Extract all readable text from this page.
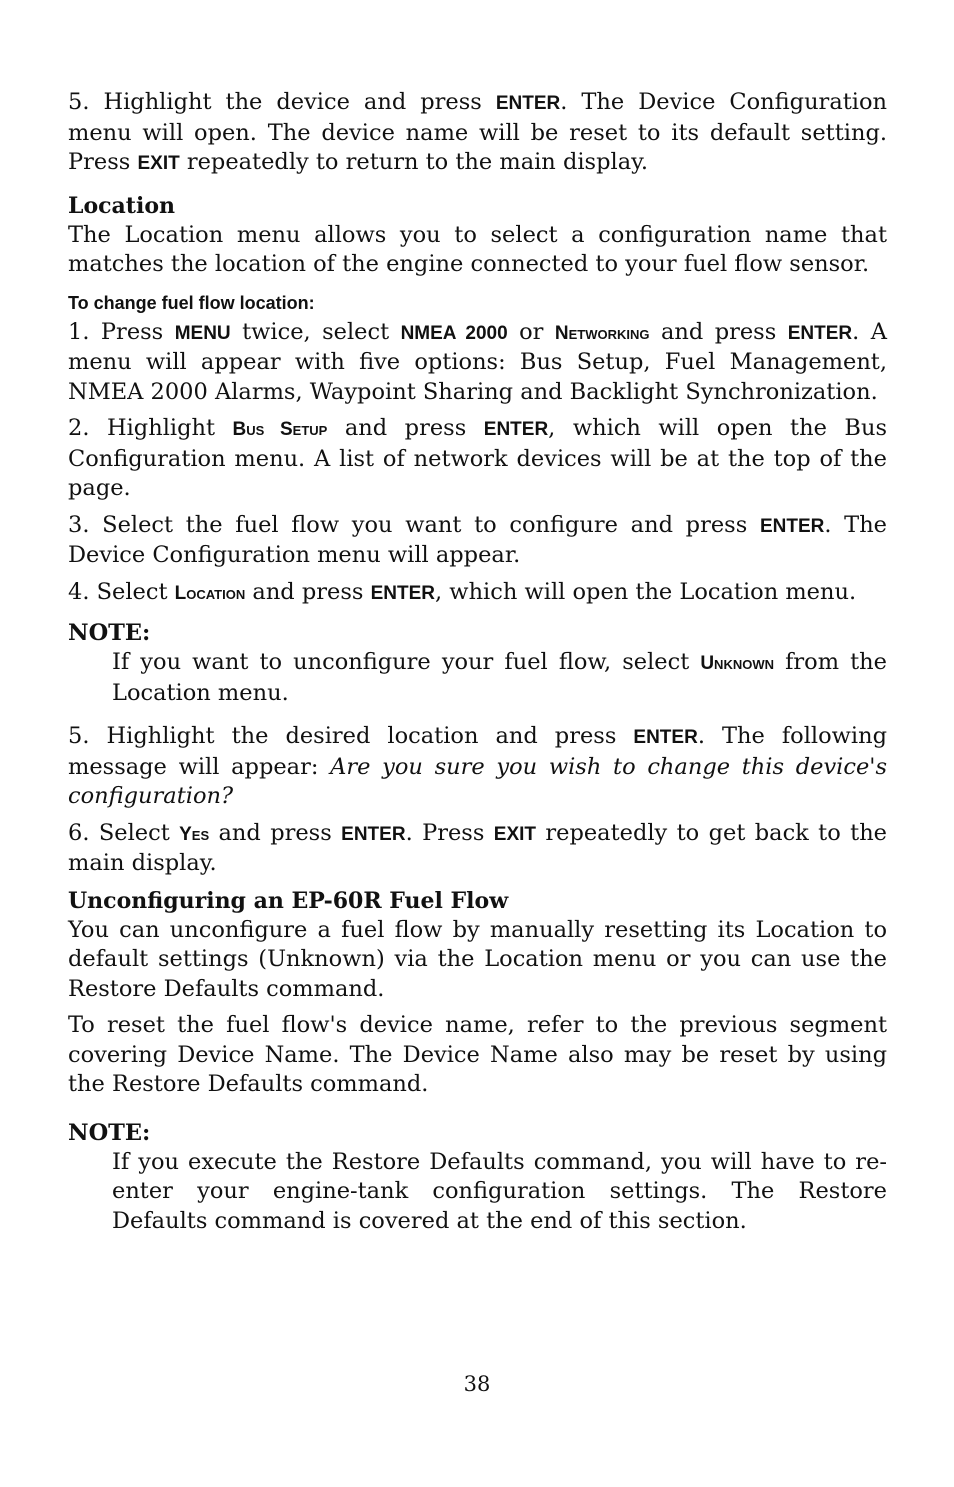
5. Highlight the device and press ENTER. The Device Configuration menu will open. The device name will be reset to its default setting. Press EXIT repeatedly to return to the main display.

Location

The Location menu allows you to select a configuration name that matches the location of the engine connected to your fuel flow sensor.

To change fuel flow location:

1. Press MENU twice, select NMEA 2000 or Networking and press ENTER. A menu will appear with five options: Bus Setup, Fuel Management, NMEA 2000 Alarms, Waypoint Sharing and Backlight Synchronization.

2. Highlight Bus Setup and press ENTER, which will open the Bus Configuration menu. A list of network devices will be at the top of the page.

3. Select the fuel flow you want to configure and press ENTER. The Device Configuration menu will appear.

4. Select Location and press ENTER, which will open the Location menu.

NOTE:

If you want to unconfigure your fuel flow, select Unknown from the Location menu.

5. Highlight the desired location and press ENTER. The following message will appear: Are you sure you wish to change this device's configuration?

6. Select Yes and press ENTER. Press EXIT repeatedly to get back to the main display.

Unconfiguring an EP-60R Fuel Flow

You can unconfigure a fuel flow by manually resetting its Location to default settings (Unknown) via the Location menu or you can use the Restore Defaults command.

To reset the fuel flow's device name, refer to the previous segment covering Device Name. The Device Name also may be reset by using the Restore Defaults command.

NOTE:

If you execute the Restore Defaults command, you will have to re-enter your engine-tank configuration settings. The Restore Defaults command is covered at the end of this section.

38
